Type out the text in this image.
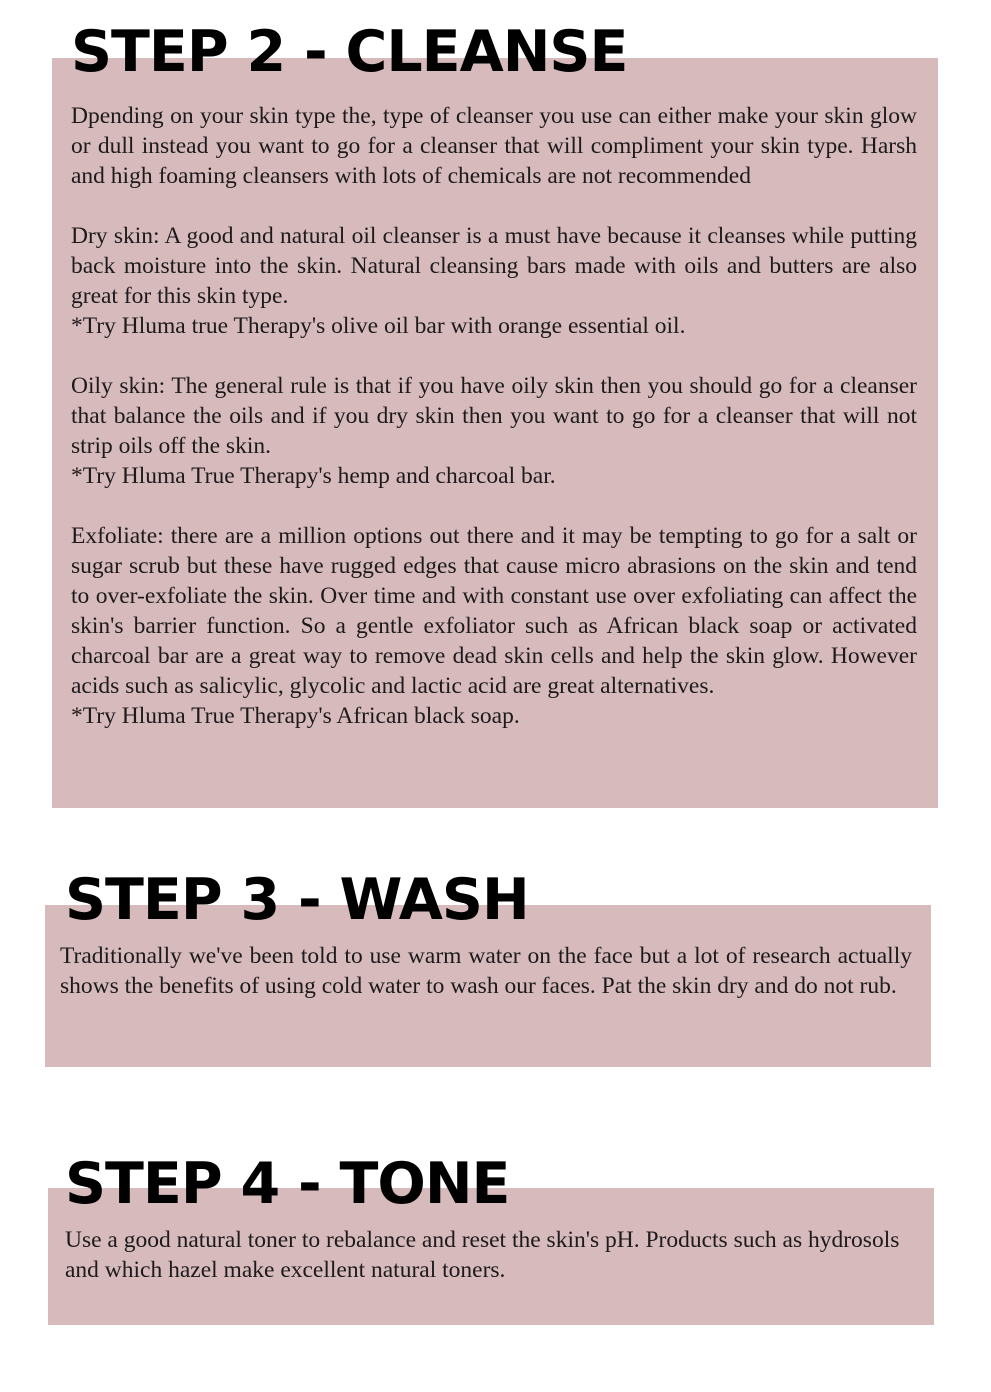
STEP 2 - CLEANSE

Dpending on your skin type the, type of cleanser you use can either make your skin glow or dull instead you want to go for a cleanser that will compliment your skin type. Harsh and high foaming cleansers with lots of chemicals are not recommended

Dry skin: A good and natural oil cleanser is a must have because it cleanses while putting back moisture into the skin. Natural cleansing bars made with oils and butters are also great for this skin type.

*Try Hluma true Therapy's olive oil bar with orange essential oil.

Oily skin: The general rule is that if you have oily skin then you should go for a cleanser that balance the oils and if you dry skin then you want to go for a cleanser that will not strip oils off the skin.

*Try Hluma True Therapy's hemp and charcoal bar.

Exfoliate: there are a million options out there and it may be tempting to go for a salt or sugar scrub but these have rugged edges that cause micro abrasions on the skin and tend to over-exfoliate the skin. Over time and with constant use over exfoliating can affect the skin's barrier function. So a gentle exfoliator such as African black soap or activated charcoal bar are a great way to remove dead skin cells and help the skin glow. However acids such as salicylic, glycolic and lactic acid are great alternatives.

*Try Hluma True Therapy's African black soap.

STEP 3 - WASH

Traditionally we've been told to use warm water on the face but a lot of research actually shows the benefits of using cold water to wash our faces. Pat the skin dry and do not rub.

STEP 4 - TONE

Use a good natural toner to rebalance and reset the skin's pH. Products such as hydrosols and which hazel make excellent natural toners.
